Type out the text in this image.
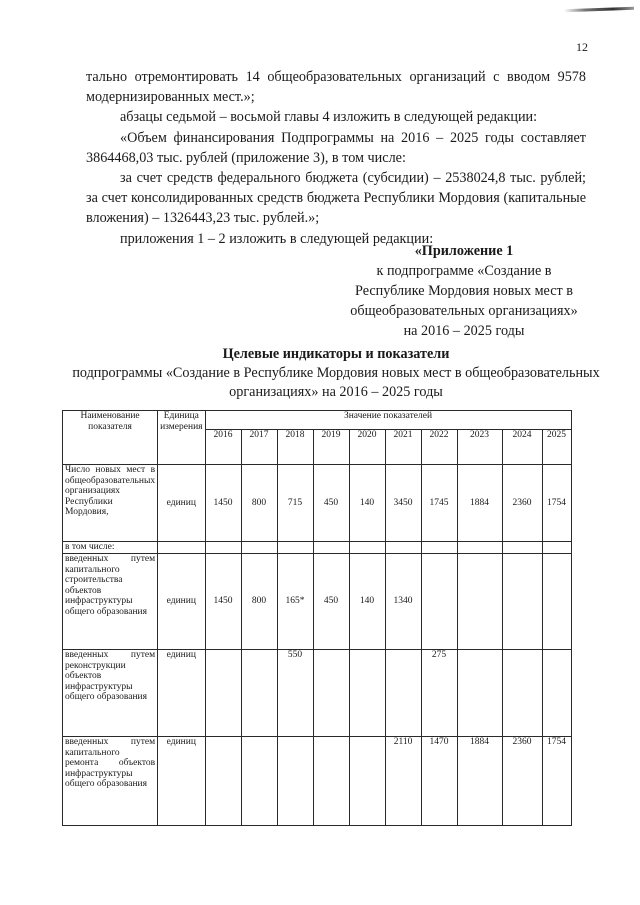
12

тально отремонтировать 14 общеобразовательных организаций с вводом 9578 модернизированных мест.»;

абзацы седьмой – восьмой главы 4 изложить в следующей редакции:

«Объем финансирования Подпрограммы на 2016 – 2025 годы составляет 3864468,03 тыс. рублей (приложение 3), в том числе:

за счет средств федерального бюджета (субсидии) – 2538024,8 тыс. рублей; за счет консолидированных средств бюджета Республики Мордовия (капитальные вложения) – 1326443,23 тыс. рублей.»;

приложения 1 – 2 изложить в следующей редакции:

«Приложение 1
к подпрограмме «Создание в
Республике Мордовия новых мест в
общеобразовательных организациях»
на 2016 – 2025 годы
Целевые индикаторы и показатели
подпрограммы «Создание в Республике Мордовия новых мест в общеобразовательных организациях» на 2016 – 2025 годы
Наименование показателя	Единица измерения	Значение показателей									
		2016	2017	2018	2019	2020	2021	2022	2023	2024	2025
Число новых мест в общеобразовательных организациях Республики Мордовия,	единиц	1450	800	715	450	140	3450	1745	1884	2360	1754
в том числе:											
введенных путем капитального строительства объектов инфраструктуры общего образования	единиц	1450	800	165*	450	140	1340				
введенных путем реконструкции объектов инфраструктуры общего образования	единиц			550				275			
введенных путем капитального ремонта объектов инфраструктуры общего образования	единиц						2110	1470	1884	2360	1754
